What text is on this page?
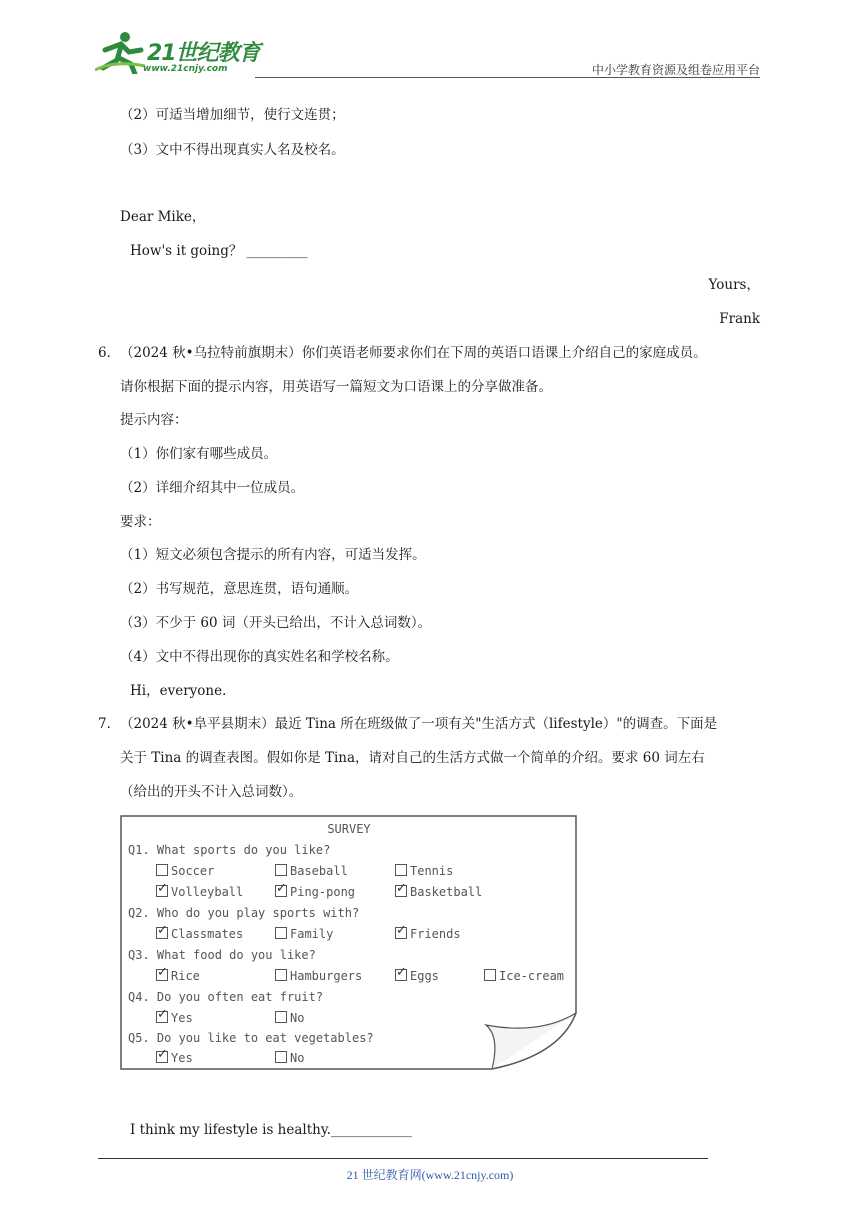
21世纪教育
www.21cnjy.com	中小学教育资源及组卷应用平台
（2）可适当增加细节，使行文连贯；
（3）文中不得出现真实人名及校名。
Dear Mike，
How's it going？ _________
Yours，
Frank
6． （2024 秋•乌拉特前旗期末）你们英语老师要求你们在下周的英语口语课上介绍自己的家庭成员。
请你根据下面的提示内容，用英语写一篇短文为口语课上的分享做准备。
提示内容：
（1）你们家有哪些成员。
（2）详细介绍其中一位成员。
要求：
（1）短文必须包含提示的所有内容，可适当发挥。
（2）书写规范，意思连贯，语句通顺。
（3）不少于 60 词（开头已给出，不计入总词数）。
（4）文中不得出现你的真实姓名和学校名称。
Hi，everyone.
7． （2024 秋•阜平县期末）最近 Tina 所在班级做了一项有关"生活方式（lifestyle）"的调查。下面是
关于 Tina 的调查表图。假如你是 Tina，请对自己的生活方式做一个简单的介绍。要求 60 词左右
（给出的开头不计入总词数）。
SURVEY
Q1. What sports do you like?
Soccer	Baseball	Tennis
✓Volleyball ✓	Ping-pong ✓	Basketball
Q2. Who do you play sports with?
✓Classmates	Family ✓	Friends
Q3. What food do you like?
✓Rice	Hamburgers ✓	Eggs	Ice-cream
Q4. Do you often eat fruit?
✓Yes	No
Q5. Do you like to eat vegetables?
✓Yes	No
I think my lifestyle is healthy.____________
21 世纪教育网(www.21cnjy.com)
